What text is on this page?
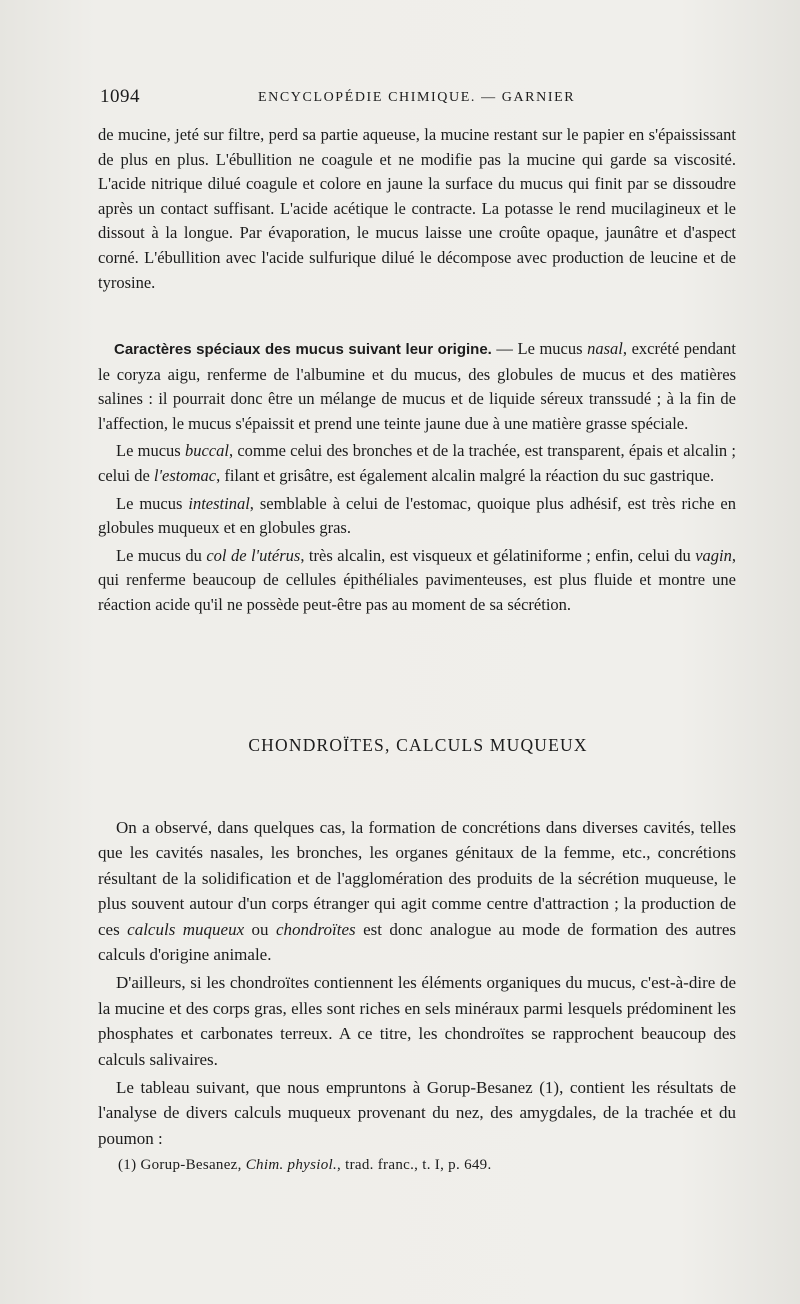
1094	ENCYCLOPÉDIE CHIMIQUE. — GARNIER

de mucine, jeté sur filtre, perd sa partie aqueuse, la mucine restant sur le papier en s'épaississant de plus en plus. L'ébullition ne coagule et ne modifie pas la mucine qui garde sa viscosité. L'acide nitrique dilué coagule et colore en jaune la surface du mucus qui finit par se dissoudre après un contact suffisant. L'acide acétique le contracte. La potasse le rend mucilagineux et le dissout à la longue. Par évaporation, le mucus laisse une croûte opaque, jaunâtre et d'aspect corné. L'ébullition avec l'acide sulfurique dilué le décompose avec production de leucine et de tyrosine.

Caractères spéciaux des mucus suivant leur origine. — Le mucus nasal, excrété pendant le coryza aigu, renferme de l'albumine et du mucus, des globules de mucus et des matières salines : il pourrait donc être un mélange de mucus et de liquide séreux transsudé ; à la fin de l'affection, le mucus s'épaissit et prend une teinte jaune due à une matière grasse spéciale.

Le mucus buccal, comme celui des bronches et de la trachée, est transparent, épais et alcalin ; celui de l'estomac, filant et grisâtre, est également alcalin malgré la réaction du suc gastrique.

Le mucus intestinal, semblable à celui de l'estomac, quoique plus adhésif, est très riche en globules muqueux et en globules gras.

Le mucus du col de l'utérus, très alcalin, est visqueux et gélatiniforme ; enfin, celui du vagin, qui renferme beaucoup de cellules épithéliales pavimenteuses, est plus fluide et montre une réaction acide qu'il ne possède peut-être pas au moment de sa sécrétion.

CHONDROÏTES, CALCULS MUQUEUX

On a observé, dans quelques cas, la formation de concrétions dans diverses cavités, telles que les cavités nasales, les bronches, les organes génitaux de la femme, etc., concrétions résultant de la solidification et de l'agglomération des produits de la sécrétion muqueuse, le plus souvent autour d'un corps étranger qui agit comme centre d'attraction ; la production de ces calculs muqueux ou chondroïtes est donc analogue au mode de formation des autres calculs d'origine animale.

D'ailleurs, si les chondroïtes contiennent les éléments organiques du mucus, c'est-à-dire de la mucine et des corps gras, elles sont riches en sels minéraux parmi lesquels prédominent les phosphates et carbonates terreux. A ce titre, les chondroïtes se rapprochent beaucoup des calculs salivaires.

Le tableau suivant, que nous empruntons à Gorup-Besanez (1), contient les résultats de l'analyse de divers calculs muqueux provenant du nez, des amygdales, de la trachée et du poumon :

(1) Gorup-Besanez, Chim. physiol., trad. franc., t. I, p. 649.
